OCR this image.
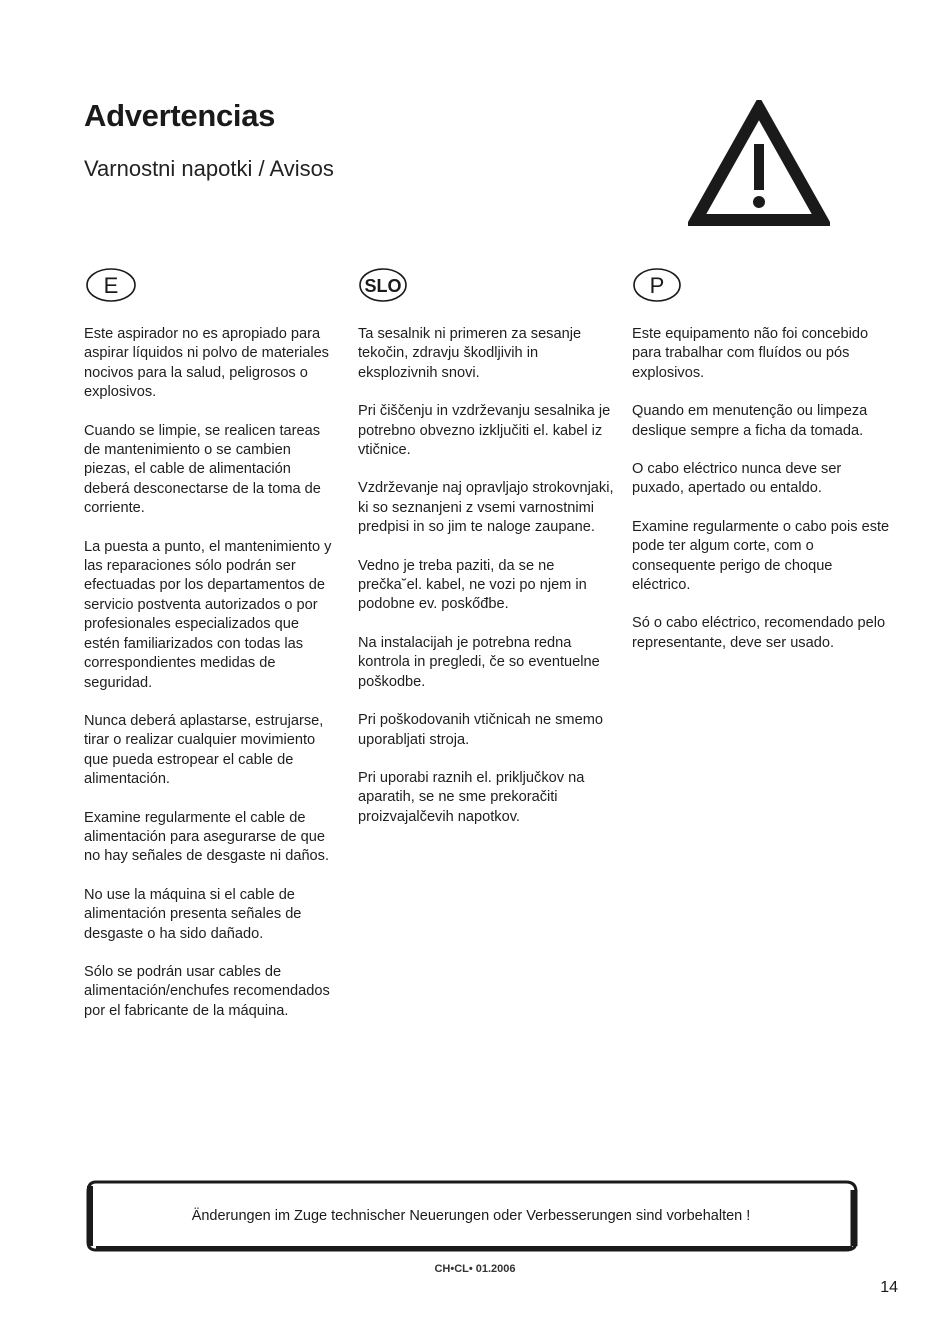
Advertencias
Varnostni napotki / Avisos
E	SLO	P

Este aspirador no es apropiado para aspirar líquidos ni polvo de materiales nocivos para la salud, peligrosos o explosivos.

Cuando se limpie, se realicen tareas de mantenimiento o se cambien piezas, el cable de alimentación deberá desconectarse de la toma de corriente.

La puesta a punto, el mantenimiento y las reparaciones sólo podrán ser efectuadas por los departamentos de servicio postventa autorizados o por profesionales especializados que estén familiarizados con todas las correspondientes medidas de seguridad.

Nunca deberá aplastarse, estrujarse, tirar o realizar cualquier movimiento que pueda estropear el cable de alimentación.

Examine regularmente el cable de alimentación para asegurarse de que no hay señales de desgaste ni daños.

No use la máquina si el cable de alimentación presenta señales de desgaste o ha sido dañado.

Sólo se podrán usar cables de alimentación/enchufes recomendados por el fabricante de la máquina.

Ta sesalnik ni primeren za sesanje tekočin, zdravju škodljivih in eksplozivnih snovi.

Pri čiščenju in vzdrževanju sesalnika je potrebno obvezno izključiti el. kabel iz vtičnice.

Vzdrževanje naj opravljajo strokovnjaki, ki so seznanjeni z vsemi varnostnimi predpisi in so jim te naloge zaupane.

Vedno je treba paziti, da se ne prečka˘el. kabel, ne vozi po njem in podobne ev. poskőđbe.

Na instalacijah je potrebna redna kontrola in pregledi, če so eventuelne poškodbe.

Pri poškodovanih vtičnicah ne smemo uporabljati stroja.

Pri uporabi raznih el. priključkov na aparatih, se ne sme prekoračiti proizvajalčevih napotkov.

Este equipamento não foi concebido para trabalhar com fluídos ou pós explosivos.

Quando em menutenção ou limpeza deslique sempre a ficha da tomada.

O cabo eléctrico nunca deve ser puxado, apertado ou entaldo.

Examine regularmente o cabo pois este pode ter algum corte, com o consequente perigo de choque eléctrico.

Só o cabo eléctrico, recomendado pelo representante, deve ser usado.

Änderungen im Zuge technischer Neuerungen oder Verbesserungen sind vorbehalten !
CH•CL• 01.2006
14
